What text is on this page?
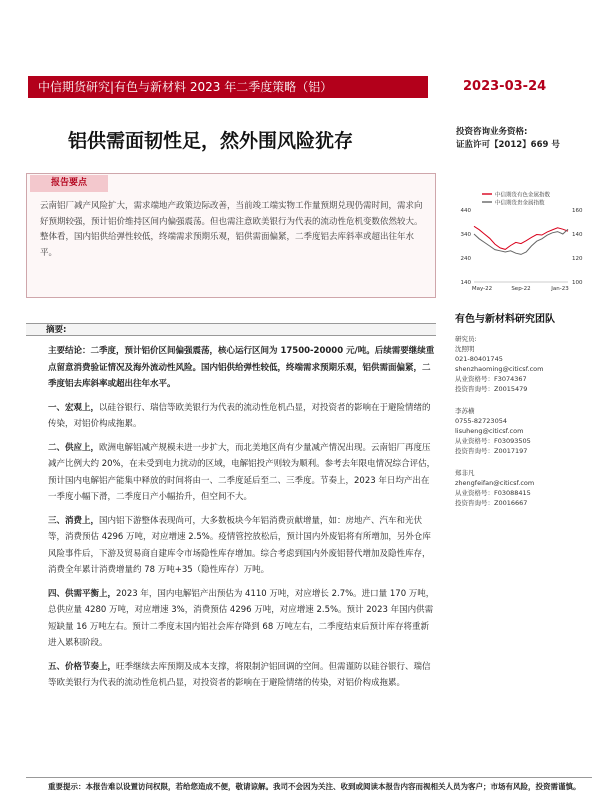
中信期货研究|有色与新材料 2023 年二季度策略（铝）	2023-03-24
铝供需面韧性足，然外围风险犹存	投资咨询业务资格:
证监许可【2012】669 号
报告要点
云南铝厂减产风险扩大，需求端地产政策边际改善，当前竣工端实物工作量预期兑现仍需时间，需求向好预期较强，预计铝价维持区间内偏强震荡。但也需注意欧美银行为代表的流动性危机变数依然较大。整体看，国内铝供给弹性较低，终端需求预期乐观，铝供需面偏紧，二季度铝去库斜率或超出往年水平。
中信期货有色金属指数
中信期货贵金属指数
140
240
340
440
100
120
140
160
May-22	Sep-22	Jan-23
有色与新材料研究团队
研究员:
沈照明
021-80401745
shenzhaoming@citicsf.com
从业资格号：F3074367
投资咨询号：Z0015479
李苏横
0755-82723054
lisuheng@citicsf.com
从业资格号：F03093505
投资咨询号：Z0017197
郑非凡
zhengfeifan@citicsf.com
从业资格号：F03088415
投资咨询号：Z0016667
摘要:

主要结论：二季度，预计铝价区间偏强震荡，核心运行区间为 17500-20000 元/吨。后续需要继续重点留意消费验证情况及海外流动性风险。国内铝供给弹性较低，终端需求预期乐观，铝供需面偏紧，二季度铝去库斜率或超出往年水平。

一、宏观上，以硅谷银行、瑞信等欧美银行为代表的流动性危机凸显，对投资者的影响在于避险情绪的传染，对铝价构成拖累。

二、供应上，欧洲电解铝减产规模未进一步扩大，而北美地区尚有少量减产情况出现。云南铝厂再度压减产比例大约 20%，在未受到电力扰动的区域，电解铝投产则较为顺利。参考去年限电情况综合评估，预计国内电解铝产能集中释放的时间将由一、二季度延后至二、三季度。节奏上，2023 年日均产出在一季度小幅下滑，二季度日产小幅抬升，但空间不大。

三、消费上，国内铝下游整体表现尚可，大多数板块今年铝消费贡献增量，如：房地产、汽车和光伏等，消费预估 4296 万吨，对应增速 2.5%。疫情管控放松后，预计国内外废铝将有所增加，另外仓库风险事件后，下游及贸易商自建库令市场隐性库存增加。综合考虑到国内外废铝替代增加及隐性库存，消费全年累计消费增量约 78 万吨+35（隐性库存）万吨。

四、供需平衡上，2023 年，国内电解铝产出预估为 4110 万吨，对应增长 2.7%。进口量 170 万吨，总供应量 4280 万吨，对应增速 3%，消费预估 4296 万吨，对应增速 2.5%。预计 2023 年国内供需短缺量 16 万吨左右。预计二季度末国内铝社会库存降到 68 万吨左右，二季度结束后预计库存将重新进入累积阶段。

五、价格节奏上，旺季继续去库预期及成本支撑，将限制沪铝回调的空间。但需谨防以硅谷银行、瑞信等欧美银行为代表的流动性危机凸显，对投资者的影响在于避险情绪的传染，对铝价构成拖累。

重要提示：本报告难以设置访问权限，若给您造成不便，敬请谅解。我司不会因为关注、收到或阅读本报告内容而视相关人员为客户；市场有风险，投资需谨慎。
